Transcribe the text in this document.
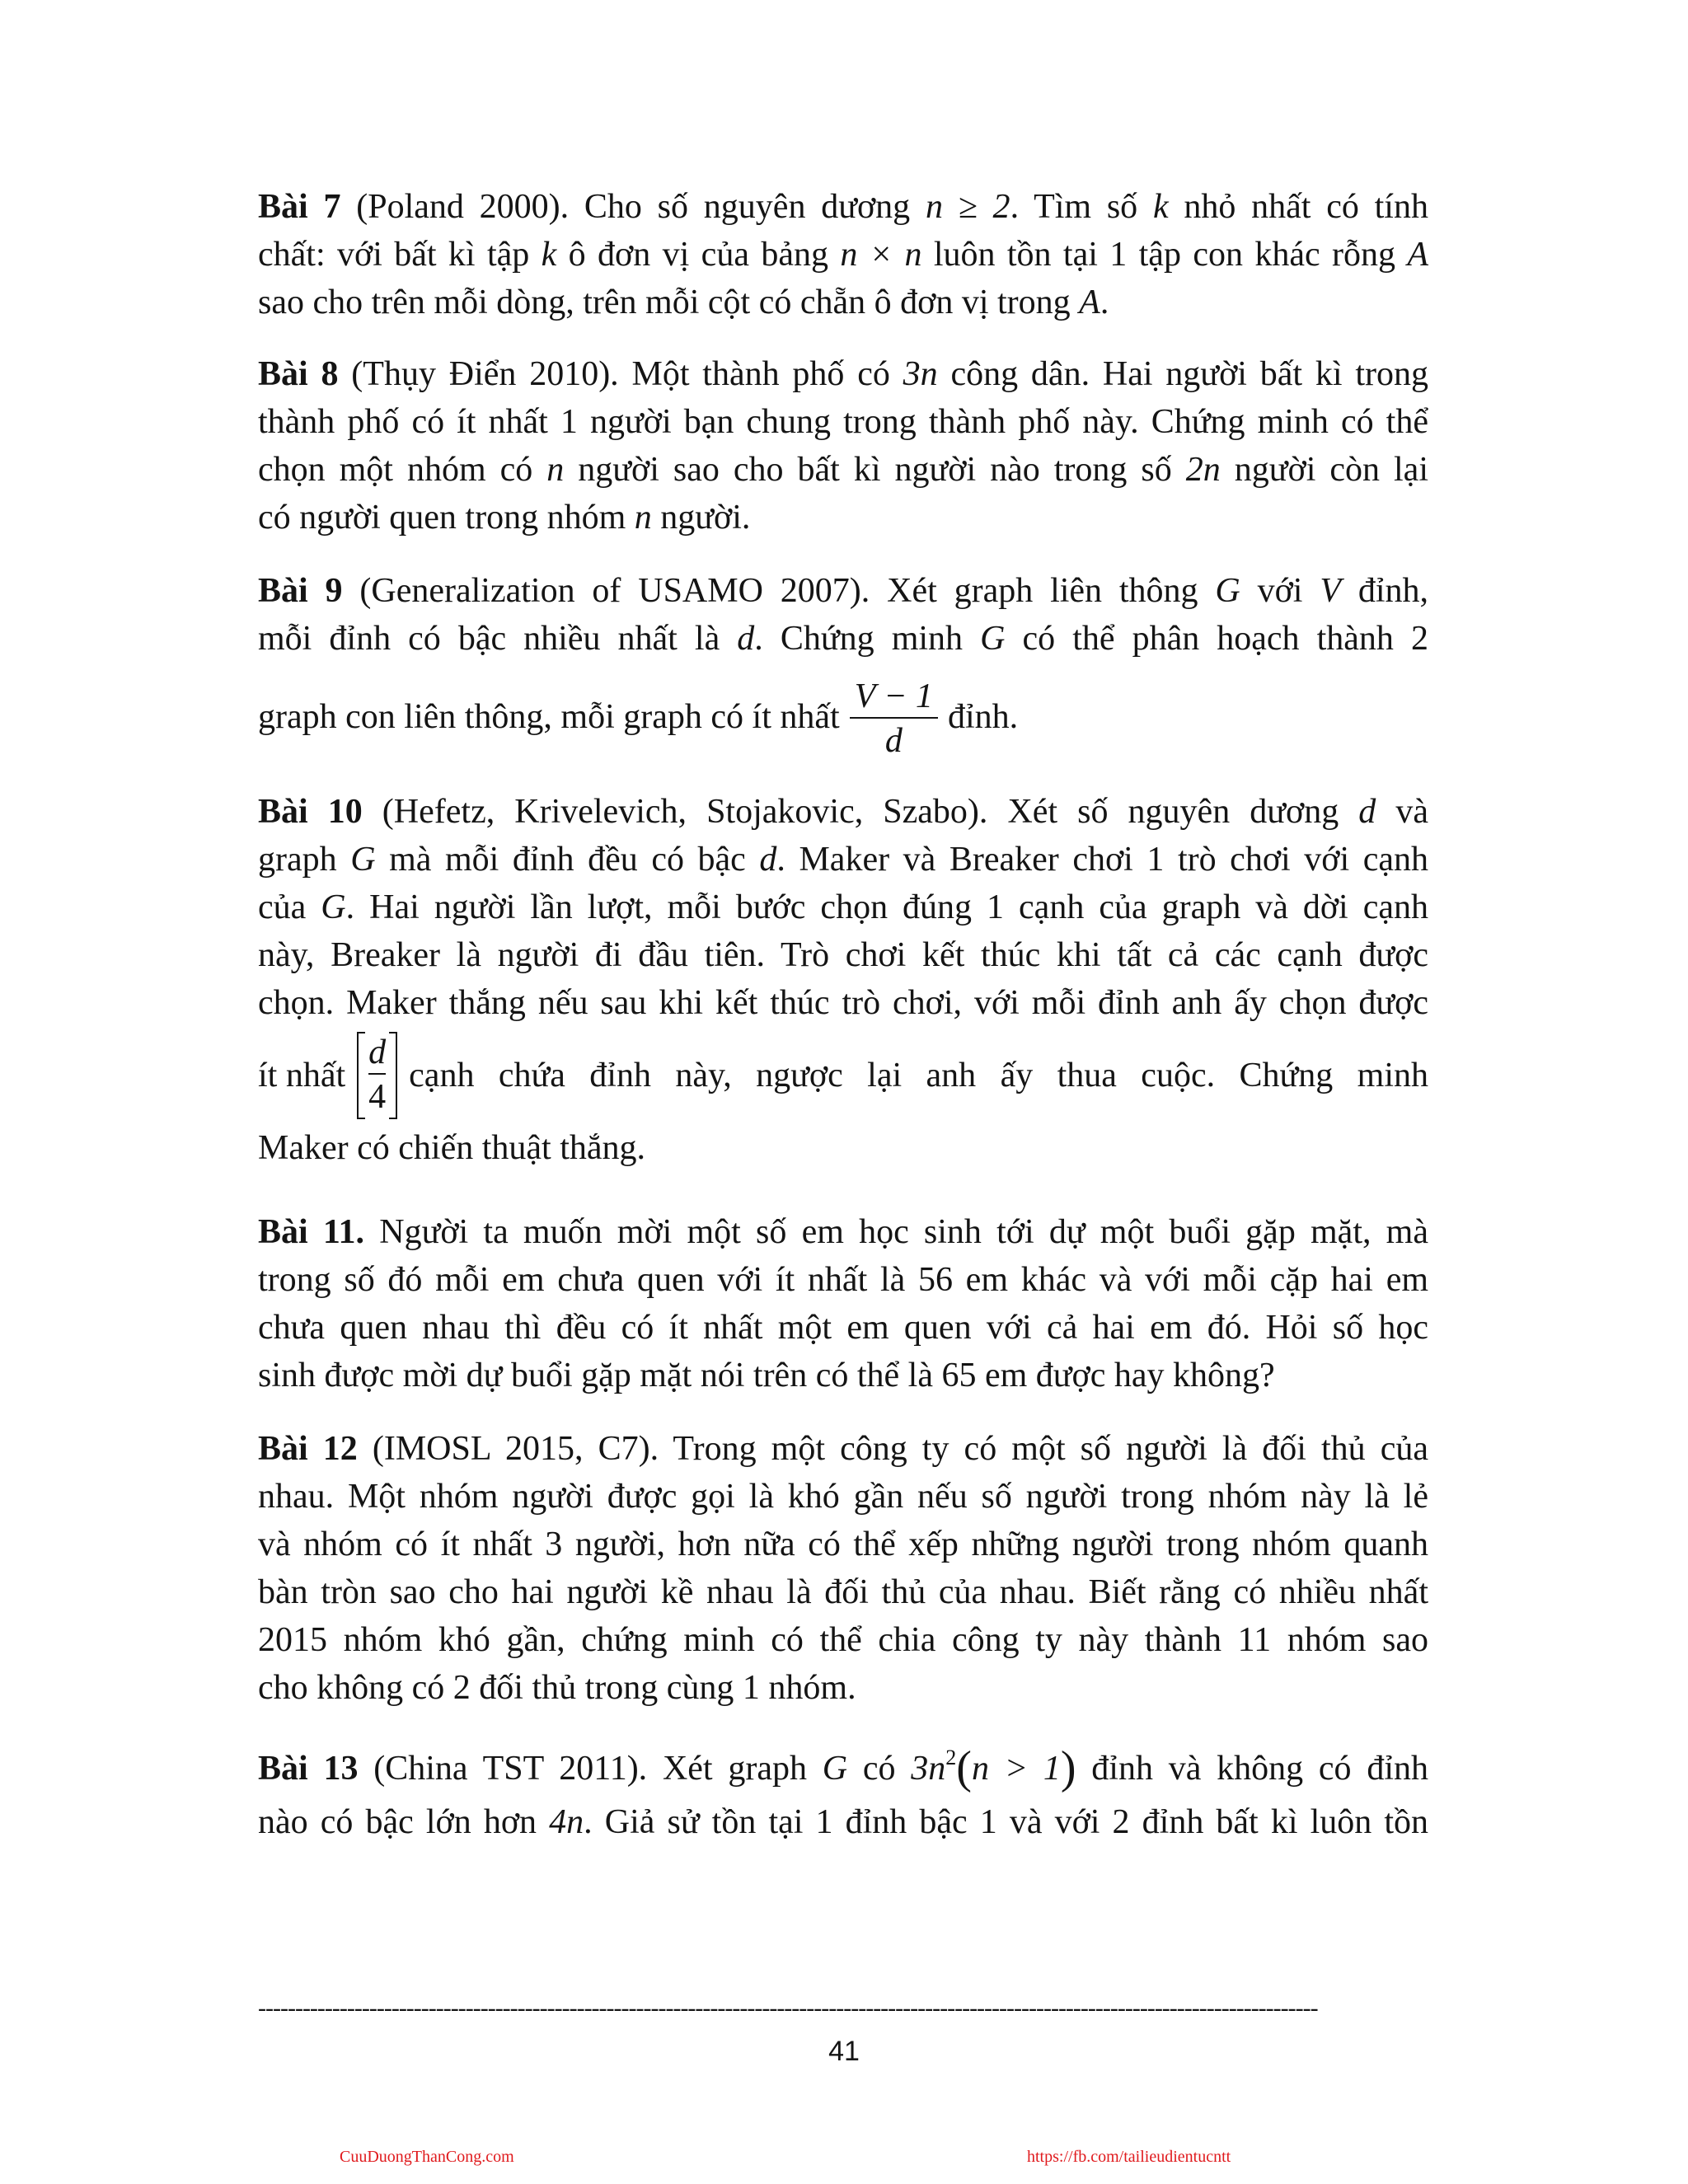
Bài 7 (Poland 2000). Cho số nguyên dương n ≥ 2. Tìm số k nhỏ nhất có tính
chất: với bất kì tập k ô đơn vị của bảng n × n luôn tồn tại 1 tập con khác rỗng A
sao cho trên mỗi dòng, trên mỗi cột có chẵn ô đơn vị trong A.
Bài 8 (Thụy Điển 2010). Một thành phố có 3n công dân. Hai người bất kì trong
thành phố có ít nhất 1 người bạn chung trong thành phố này. Chứng minh có thể
chọn một nhóm có n người sao cho bất kì người nào trong số 2n người còn lại
có người quen trong nhóm n người.
Bài 9 (Generalization of USAMO 2007). Xét graph liên thông G với V đỉnh,
mỗi đỉnh có bậc nhiều nhất là d. Chứng minh G có thể phân hoạch thành 2
graph con liên thông, mỗi graph có ít nhất $\frac{V - 1}{d}$ đỉnh.
Bài 10 (Hefetz, Krivelevich, Stojakovic, Szabo). Xét số nguyên dương d và
graph G mà mỗi đỉnh đều có bậc d. Maker và Breaker chơi 1 trò chơi với cạnh
của G. Hai người lần lượt, mỗi bước chọn đúng 1 cạnh của graph và dời cạnh
này, Breaker là người đi đầu tiên. Trò chơi kết thúc khi tất cả các cạnh được
chọn. Maker thắng nếu sau khi kết thúc trò chơi, với mỗi đỉnh anh ấy chọn được
ít nhất $\frac{d}{4}$ cạnh chứa đỉnh này, ngược lại anh ấy thua cuộc. Chứng minh
Maker có chiến thuật thắng.
Bài 11. Người ta muốn mời một số em học sinh tới dự một buổi gặp mặt, mà
trong số đó mỗi em chưa quen với ít nhất là 56 em khác và với mỗi cặp hai em
chưa quen nhau thì đều có ít nhất một em quen với cả hai em đó. Hỏi số học
sinh được mời dự buổi gặp mặt nói trên có thể là 65 em được hay không?
Bài 12 (IMOSL 2015, C7). Trong một công ty có một số người là đối thủ của
nhau. Một nhóm người được gọi là khó gần nếu số người trong nhóm này là lẻ
và nhóm có ít nhất 3 người, hơn nữa có thể xếp những người trong nhóm quanh
bàn tròn sao cho hai người kề nhau là đối thủ của nhau. Biết rằng có nhiều nhất
2015 nhóm khó gần, chứng minh có thể chia công ty này thành 11 nhóm sao
cho không có 2 đối thủ trong cùng 1 nhóm.
Bài 13 (China TST 2011). Xét graph G có $3n^2(n > 1)$ đỉnh và không có đỉnh
nào có bậc lớn hơn 4n. Giả sử tồn tại 1 đỉnh bậc 1 và với 2 đỉnh bất kì luôn tồn
-----------------------------------------------------------------------------------------------------------------------------------------------
41
CuuDuongThanCong.com	https://fb.com/tailieudientucntt
